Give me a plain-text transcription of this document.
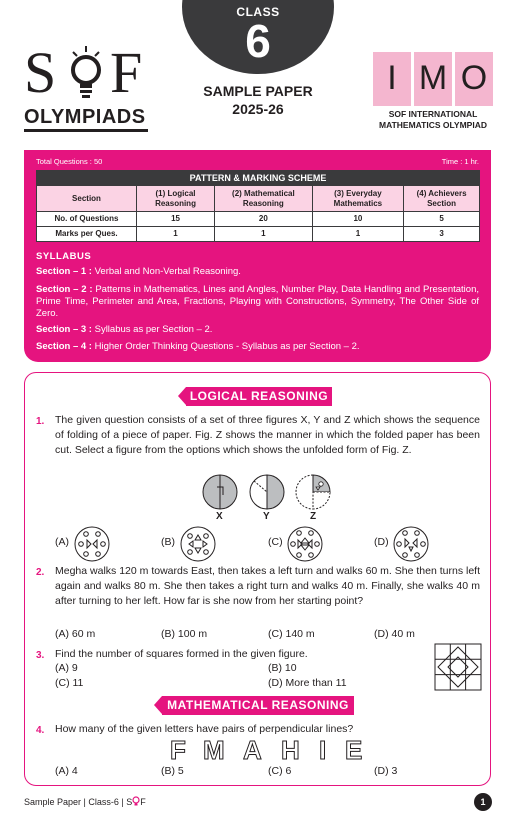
S F
OLYMPIADS
CLASS
6
SAMPLE PAPER
2025-26
I M O
SOF INTERNATIONAL
MATHEMATICS OLYMPIAD
Total Questions : 50	Time : 1 hr.
PATTERN & MARKING SCHEME				
Section	(1) Logical Reasoning	(2) Mathematical Reasoning	(3) Everyday Mathematics	(4) Achievers Section
No. of Questions	15	20	10	5
Marks per Ques.	1	1	1	3
SYLLABUS
Section – 1 : Verbal and Non-Verbal Reasoning.
Section – 2 : Patterns in Mathematics, Lines and Angles, Number Play, Data Handling and Presentation, Prime Time, Perimeter and Area, Fractions, Playing with Constructions, Symmetry, The Other Side of Zero.
Section – 3 : Syllabus as per Section – 2.
Section – 4 : Higher Order Thinking Questions - Syllabus as per Section – 2.
LOGICAL REASONING
1. The given question consists of a set of three figures X, Y and Z which shows the sequence of folding of a piece of paper. Fig. Z shows the manner in which the folded paper has been cut. Select a figure from the options which shows the unfolded form of Fig. Z.
X	Y	Z
(A)	(B)	(C)	(D)
2. Megha walks 120 m towards East, then takes a left turn and walks 60 m. She then turns left again and walks 80 m. She then takes a right turn and walks 40 m. Finally, she walks 40 m after turning to her left. How far is she now from her starting point?
(A) 60 m	(B) 100 m	(C) 140 m	(D) 40 m
3. Find the number of squares formed in the given figure.
(A) 9	(B) 10
(C) 11	(D) More than 11
MATHEMATICAL REASONING
4. How many of the given letters have pairs of perpendicular lines?
F M A H I E
(A) 4	(B) 5	(C) 6	(D) 3
Sample Paper | Class-6 | S F	1
